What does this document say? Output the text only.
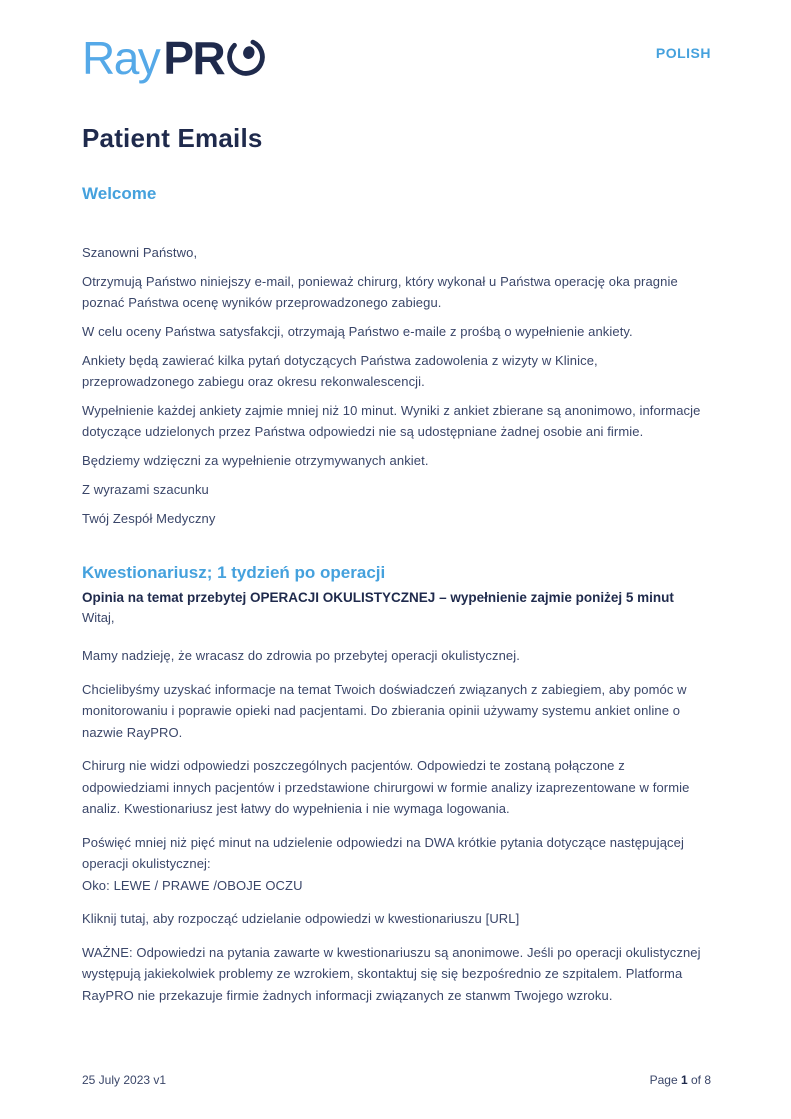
Ray PR	POLISH
Patient Emails
Welcome

Szanowni Państwo,

Otrzymują Państwo niniejszy e-mail, ponieważ chirurg, który wykonał u Państwa operację oka pragnie poznać Państwa ocenę wyników przeprowadzonego zabiegu.

W celu oceny Państwa satysfakcji, otrzymają Państwo e-maile z prośbą o wypełnienie ankiety.

Ankiety będą zawierać kilka pytań dotyczących Państwa zadowolenia z wizyty w Klinice, przeprowadzonego zabiegu oraz okresu rekonwalescencji.

Wypełnienie każdej ankiety zajmie mniej niż 10 minut. Wyniki z ankiet zbierane są anonimowo, informacje dotyczące udzielonych przez Państwa odpowiedzi nie są udostępniane żadnej osobie ani firmie.

Będziemy wdzięczni za wypełnienie otrzymywanych ankiet.

Z wyrazami szacunku

Twój Zespół Medyczny

Kwestionariusz; 1 tydzień po operacji
Opinia na temat przebytej OPERACJI OKULISTYCZNEJ – wypełnienie zajmie poniżej 5 minut
Witaj,

Mamy nadzieję, że wracasz do zdrowia po przebytej operacji okulistycznej.

Chcielibyśmy uzyskać informacje na temat Twoich doświadczeń związanych z zabiegiem, aby pomóc w monitorowaniu i poprawie opieki nad pacjentami. Do zbierania opinii używamy systemu ankiet online o nazwie RayPRO.

Chirurg nie widzi odpowiedzi poszczególnych pacjentów. Odpowiedzi te zostaną połączone z odpowiedziami innych pacjentów i przedstawione chirurgowi w formie analizy izaprezentowane w formie analiz. Kwestionariusz jest łatwy do wypełnienia i nie wymaga logowania.

Poświęć mniej niż pięć minut na udzielenie odpowiedzi na DWA krótkie pytania dotyczące następującej operacji okulistycznej:

Oko: LEWE / PRAWE /OBOJE OCZU

Kliknij tutaj, aby rozpocząć udzielanie odpowiedzi w kwestionariuszu [URL]

WAŻNE: Odpowiedzi na pytania zawarte w kwestionariuszu są anonimowe. Jeśli po operacji okulistycznej występują jakiekolwiek problemy ze wzrokiem, skontaktuj się się bezpośrednio ze szpitalem. Platforma RayPRO nie przekazuje firmie żadnych informacji związanych ze stanwm Twojego wzroku.

25 July 2023 v1	Page 1 of 8
